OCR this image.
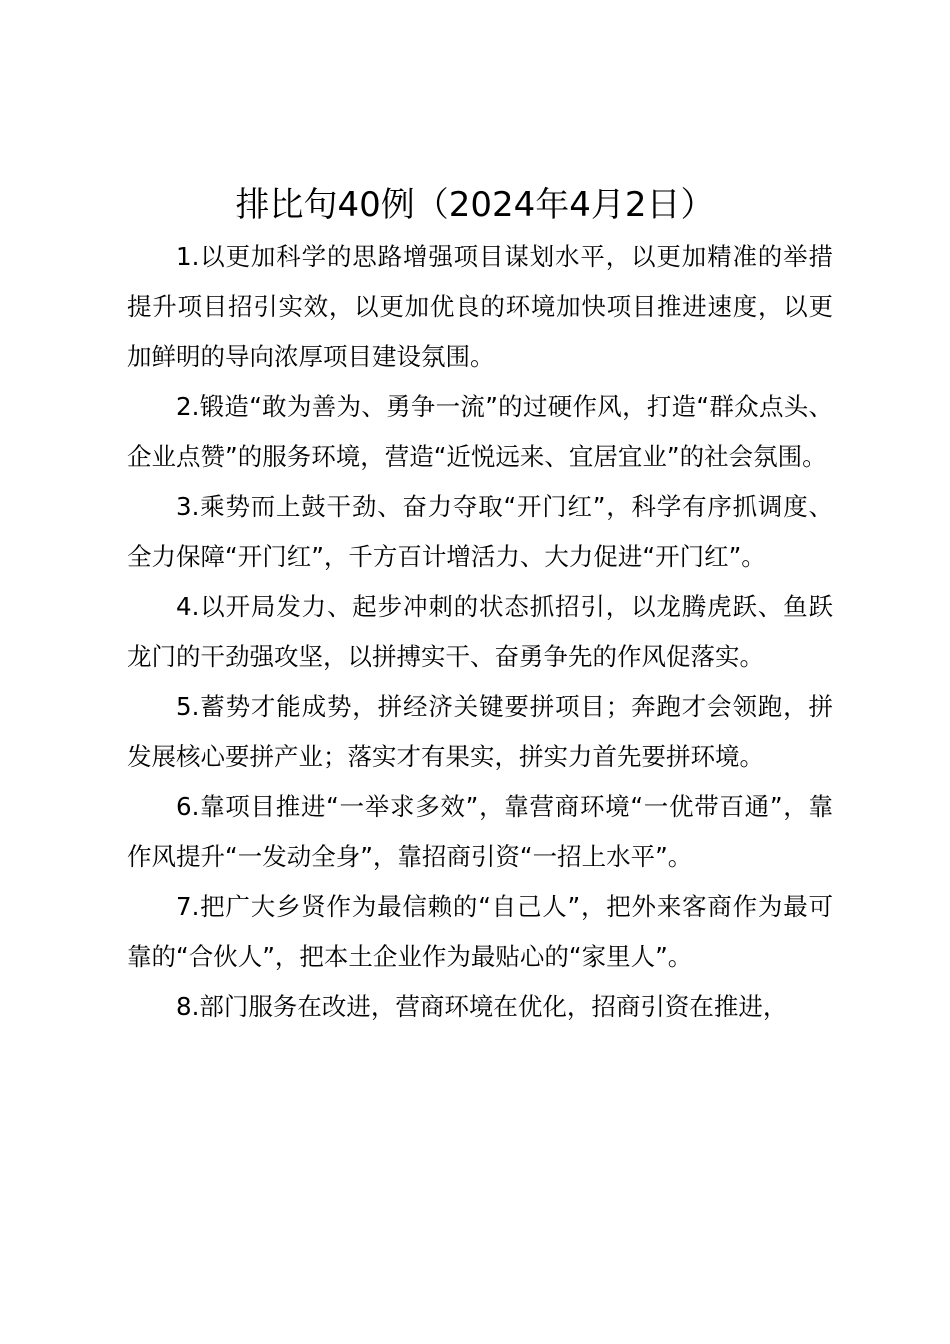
排比句40例（2024年4月2日）

1.以更加科学的思路增强项目谋划水平，以更加精准的举措提升项目招引实效，以更加优良的环境加快项目推进速度，以更加鲜明的导向浓厚项目建设氛围。

2.锻造“敢为善为、勇争一流”的过硬作风，打造“群众点头、企业点赞”的服务环境，营造“近悦远来、宜居宜业”的社会氛围。

3.乘势而上鼓干劲、奋力夺取“开门红”，科学有序抓调度、全力保障“开门红”，千方百计增活力、大力促进“开门红”。

4.以开局发力、起步冲刺的状态抓招引，以龙腾虎跃、鱼跃龙门的干劲强攻坚，以拼搏实干、奋勇争先的作风促落实。

5.蓄势才能成势，拼经济关键要拼项目；奔跑才会领跑，拼发展核心要拼产业；落实才有果实，拼实力首先要拼环境。

6.靠项目推进“一举求多效”，靠营商环境“一优带百通”，靠作风提升“一发动全身”，靠招商引资“一招上水平”。

7.把广大乡贤作为最信赖的“自己人”，把外来客商作为最可靠的“合伙人”，把本土企业作为最贴心的“家里人”。

8.部门服务在改进，营商环境在优化，招商引资在推进，
